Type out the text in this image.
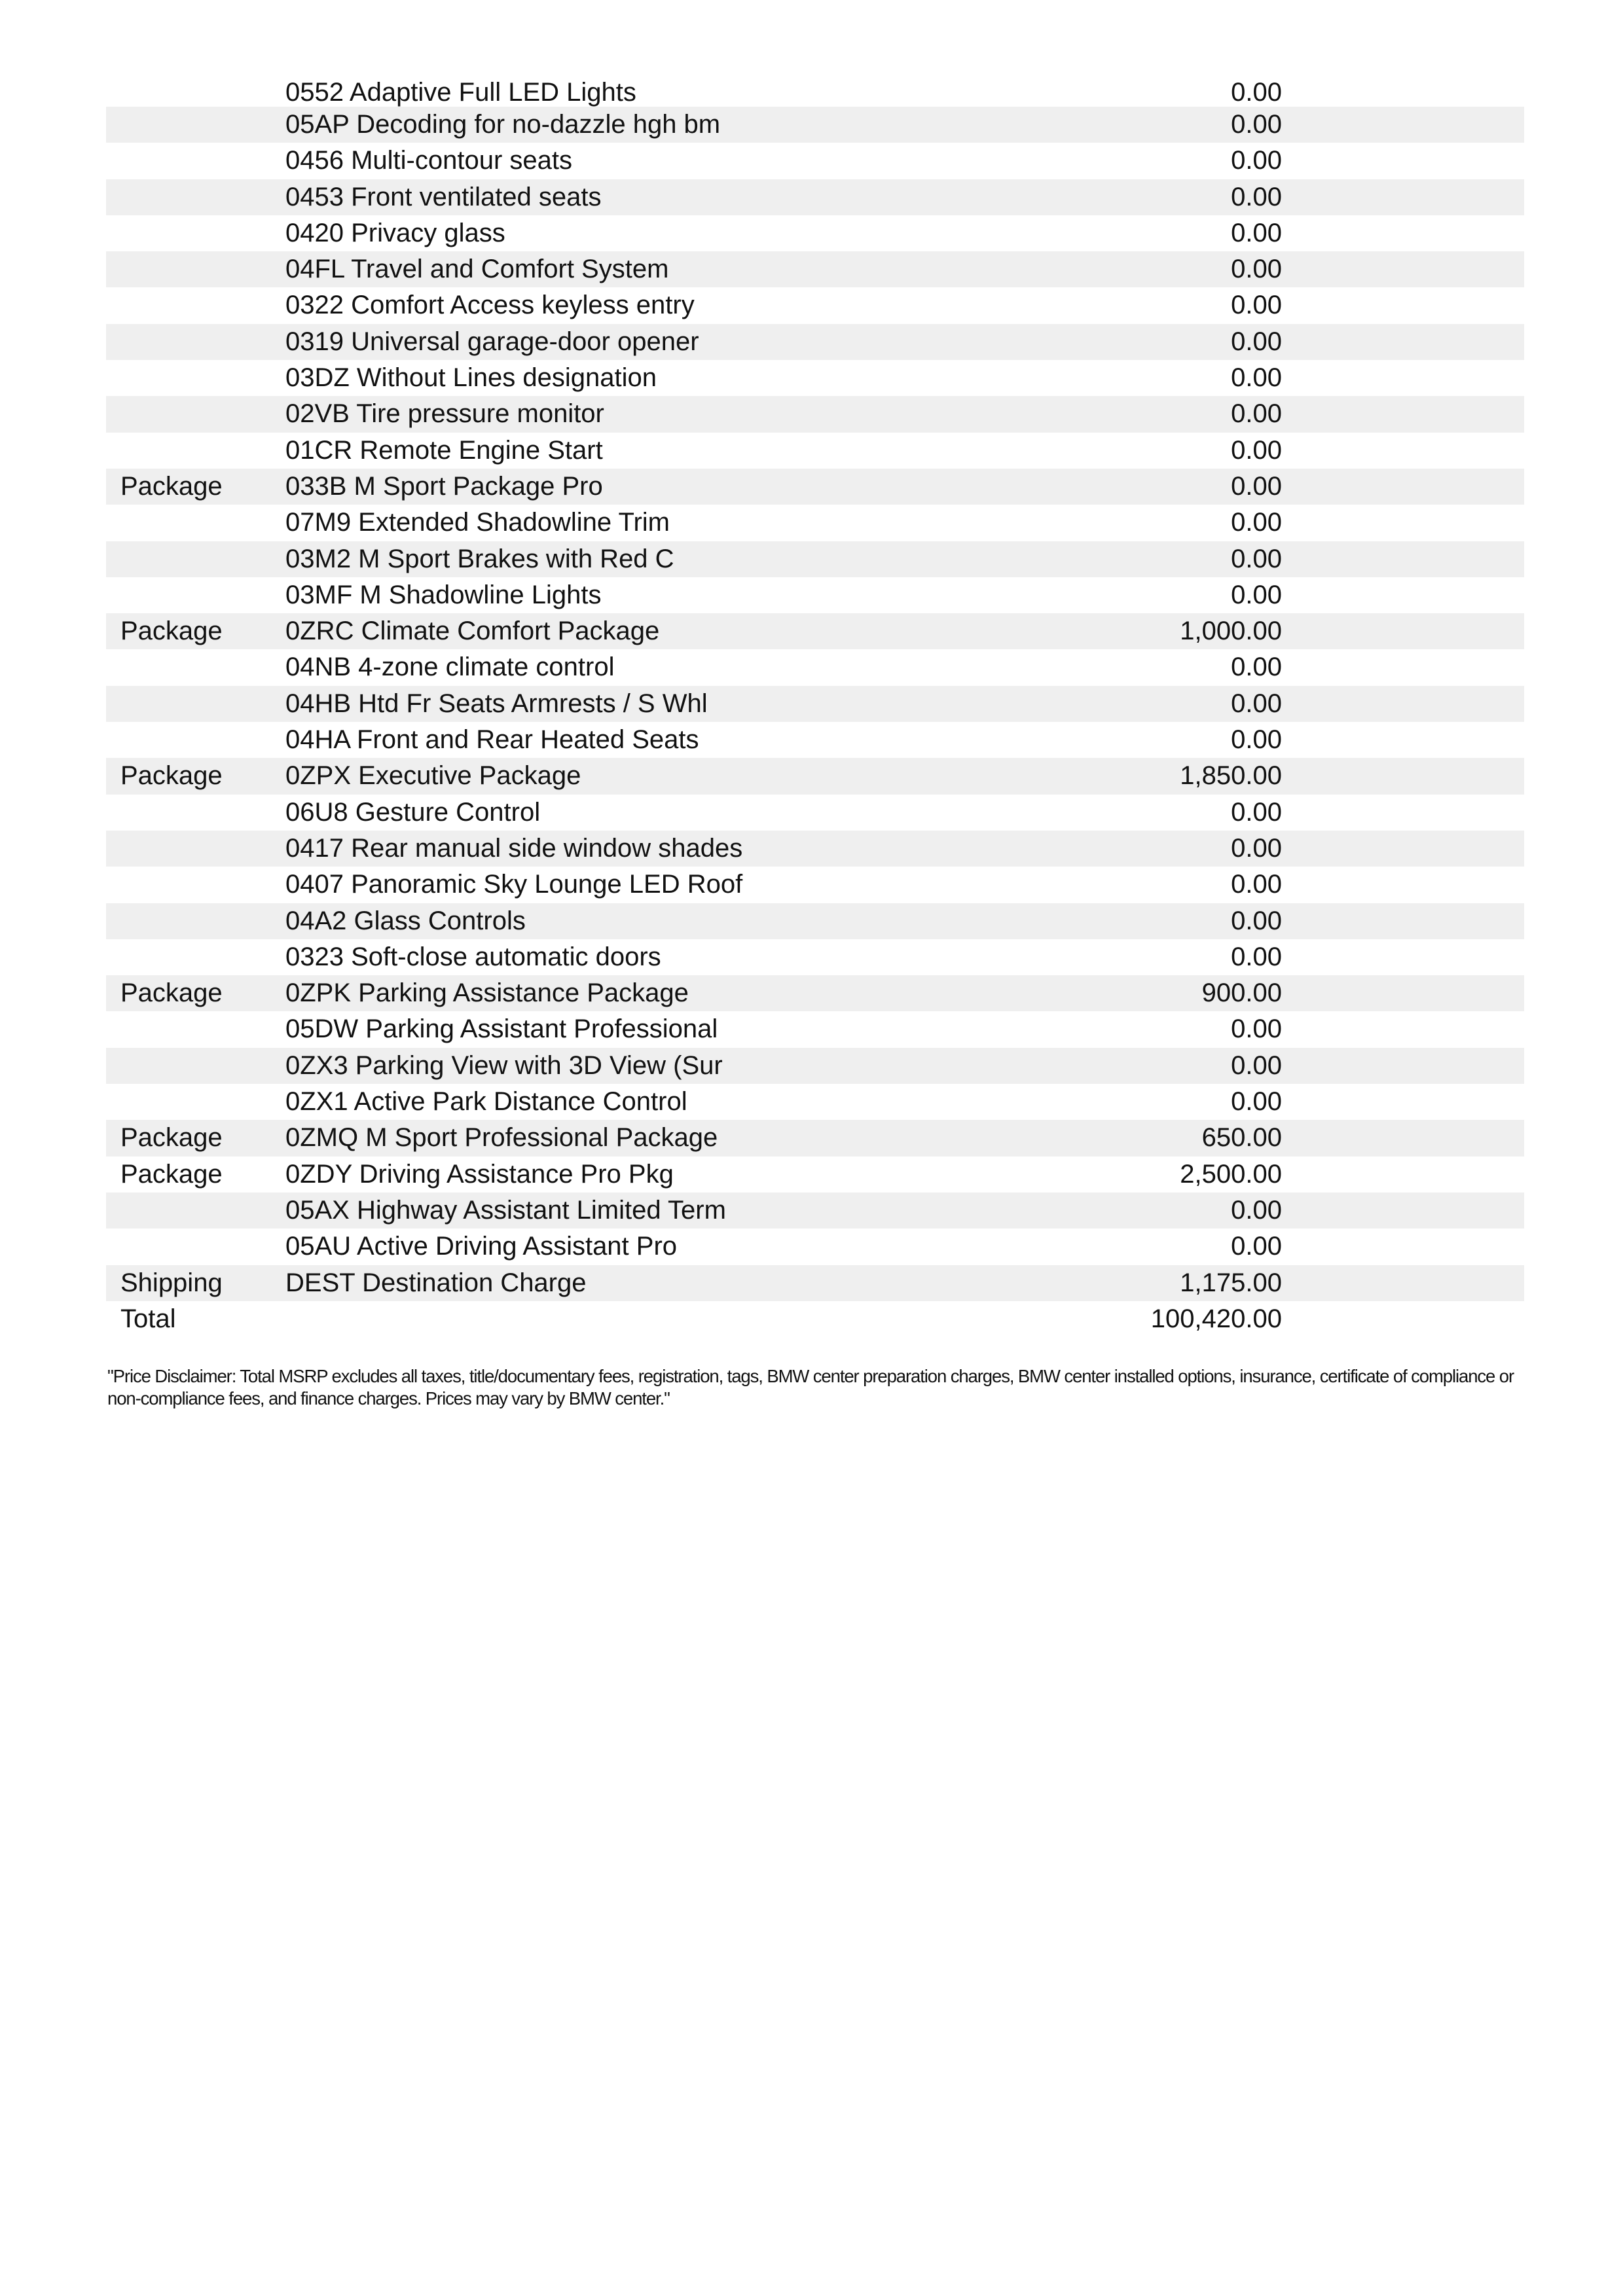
0552 Adaptive Full LED Lights	0.00
05AP Decoding for no-dazzle hgh bm	0.00
0456 Multi-contour seats	0.00
0453 Front ventilated seats	0.00
0420 Privacy glass	0.00
04FL Travel and Comfort System	0.00
0322 Comfort Access keyless entry	0.00
0319 Universal garage-door opener	0.00
03DZ Without Lines designation	0.00
02VB Tire pressure monitor	0.00
01CR Remote Engine Start	0.00
Package 033B M Sport Package Pro	0.00
07M9 Extended Shadowline Trim	0.00
03M2 M Sport Brakes with Red C	0.00
03MF M Shadowline Lights	0.00
Package 0ZRC Climate Comfort Package	1,000.00
04NB 4-zone climate control	0.00
04HB Htd Fr Seats Armrests / S Whl	0.00
04HA Front and Rear Heated Seats	0.00
Package 0ZPX Executive Package	1,850.00
06U8 Gesture Control	0.00
0417 Rear manual side window shades	0.00
0407 Panoramic Sky Lounge LED Roof	0.00
04A2 Glass Controls	0.00
0323 Soft-close automatic doors	0.00
Package 0ZPK Parking Assistance Package	900.00
05DW Parking Assistant Professional	0.00
0ZX3 Parking View with 3D View (Sur	0.00
0ZX1 Active Park Distance Control	0.00
Package 0ZMQ M Sport Professional Package	650.00
Package 0ZDY Driving Assistance Pro Pkg	2,500.00
05AX Highway Assistant Limited Term	0.00
05AU Active Driving Assistant Pro	0.00
Shipping DEST Destination Charge	1,175.00
Total	100,420.00
"Price Disclaimer: Total MSRP excludes all taxes, title/documentary fees, registration, tags, BMW center preparation charges, BMW center installed options, insurance, certificate of compliance or non-compliance fees, and finance charges. Prices may vary by BMW center."
